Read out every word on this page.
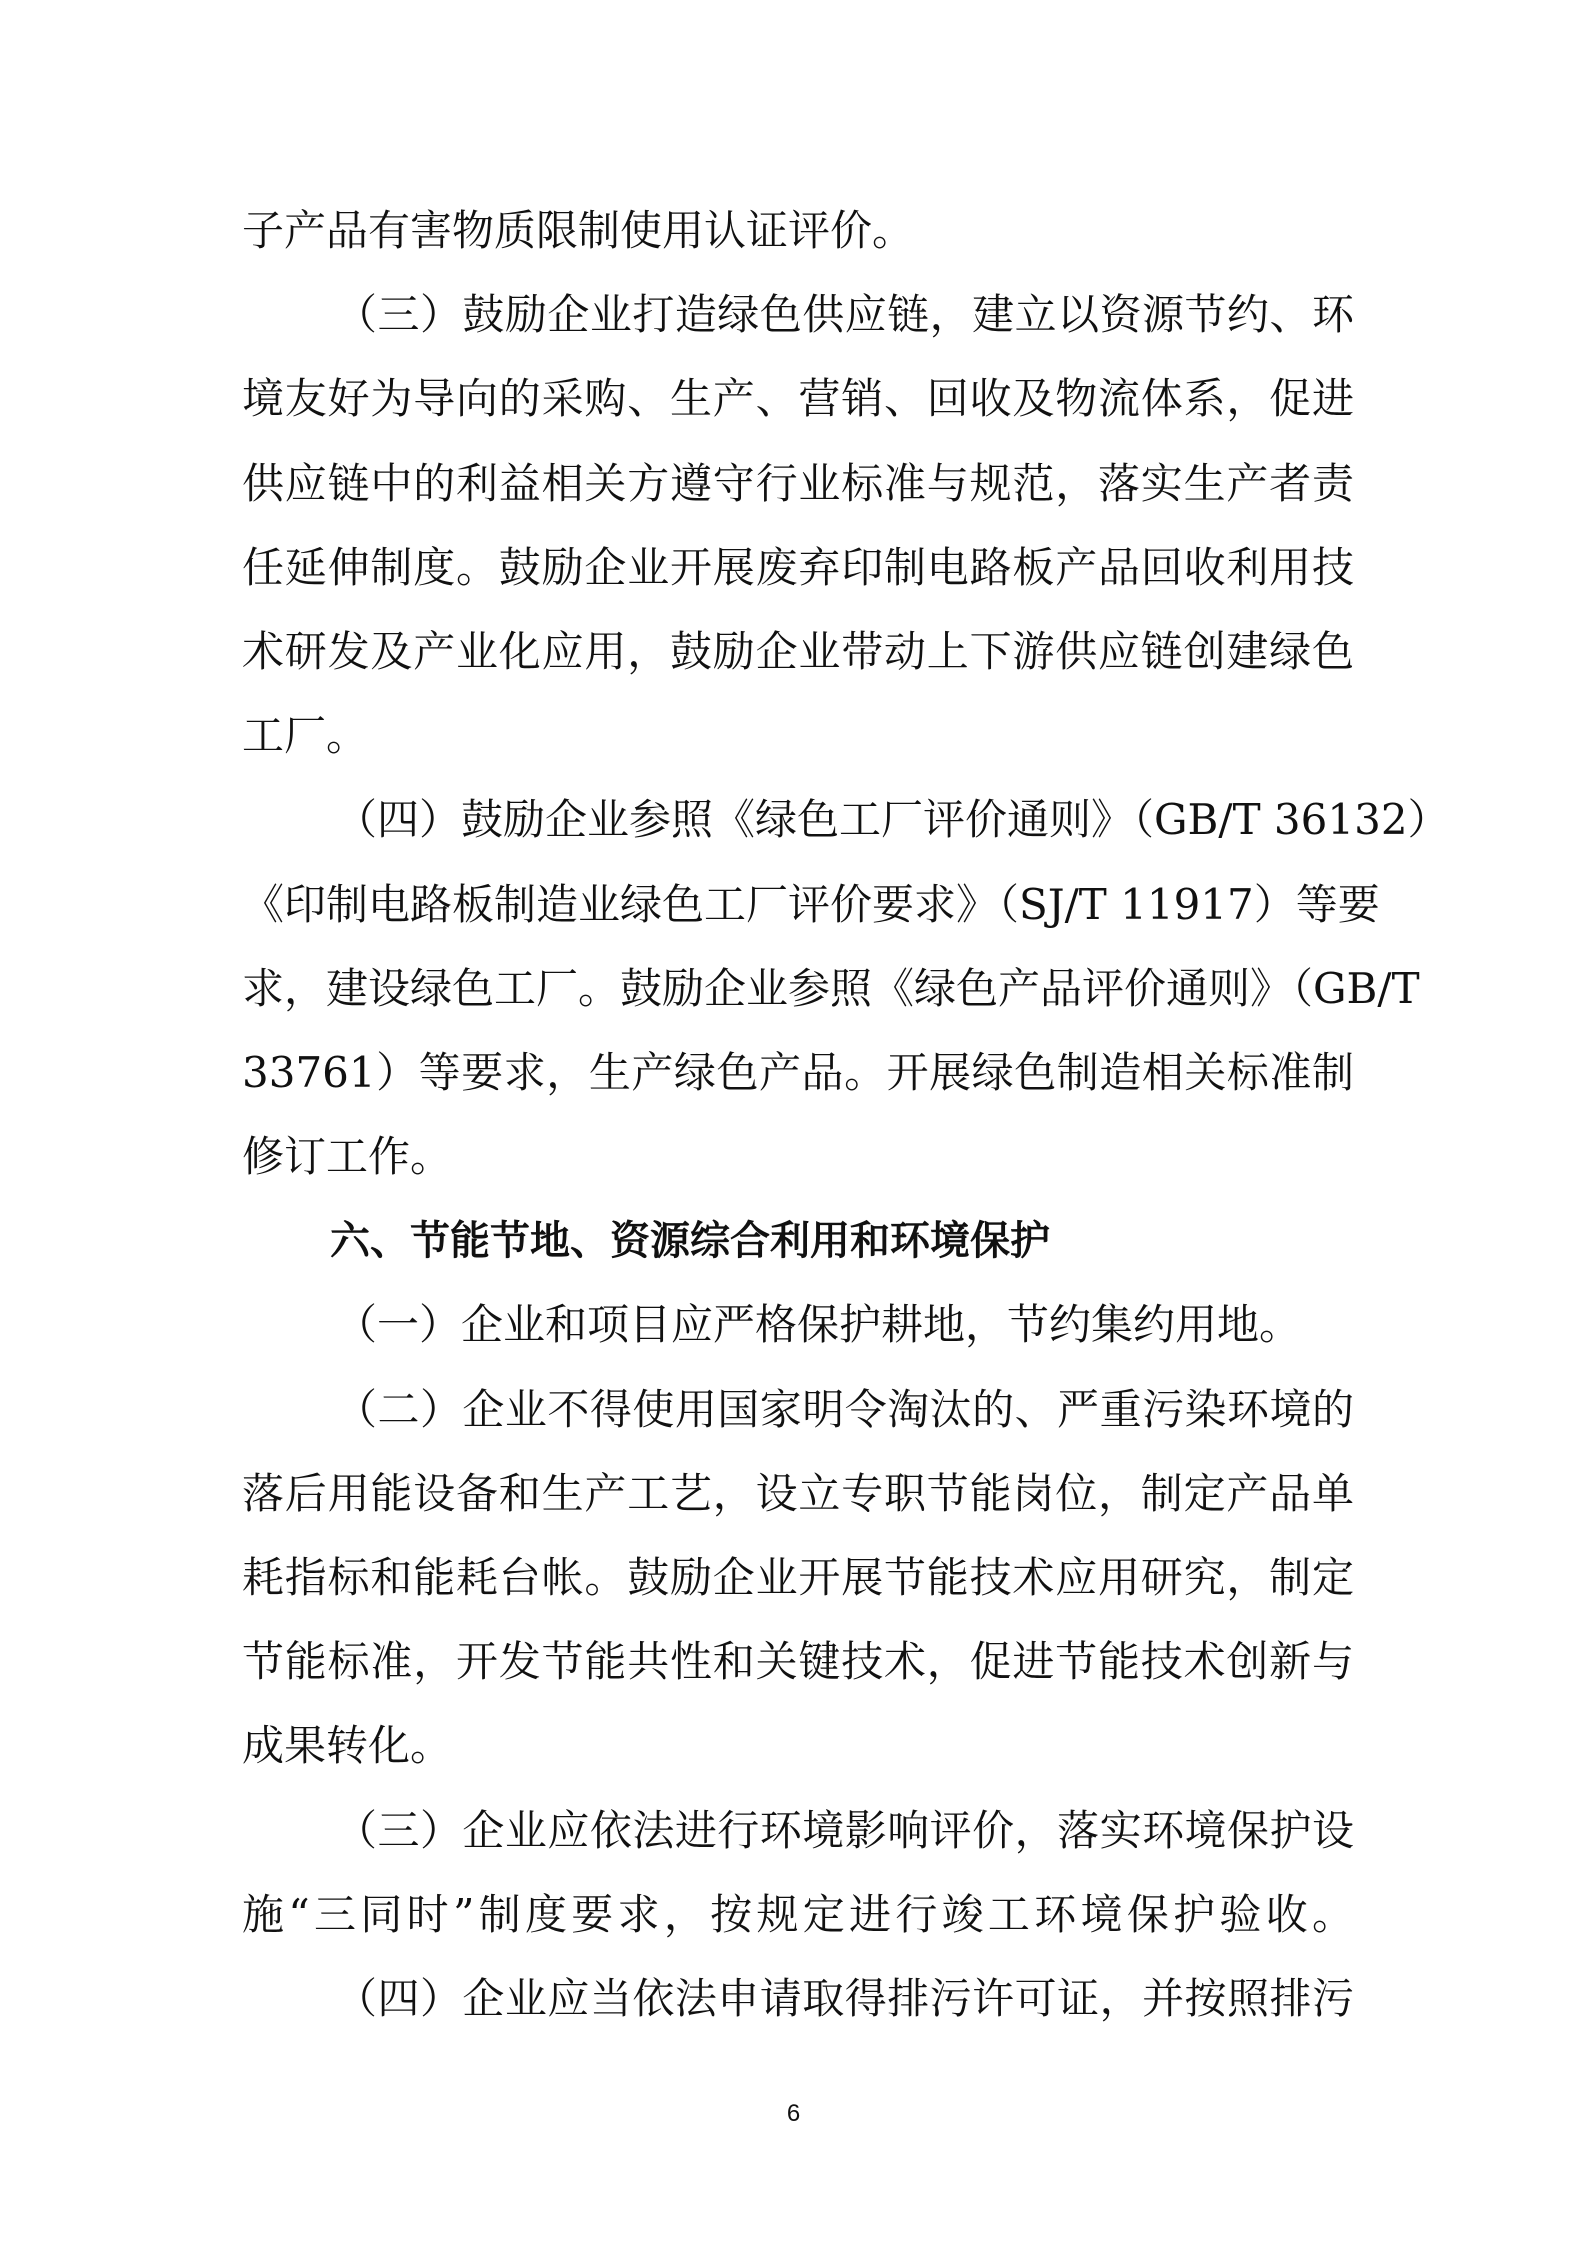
子产品有害物质限制使用认证评价。
（三）鼓励企业打造绿色供应链，建立以资源节约、环
境友好为导向的采购、生产、营销、回收及物流体系，促进
供应链中的利益相关方遵守行业标准与规范，落实生产者责
任延伸制度。鼓励企业开展废弃印制电路板产品回收利用技
术研发及产业化应用，鼓励企业带动上下游供应链创建绿色
工厂。
（四）鼓励企业参照《绿色工厂评价通则》（GB/T 36132）
《印制电路板制造业绿色工厂评价要求》（SJ/T 11917）等要
求，建设绿色工厂。鼓励企业参照《绿色产品评价通则》（GB/T
33761）等要求，生产绿色产品。开展绿色制造相关标准制
修订工作。
六、节能节地、资源综合利用和环境保护
（一）企业和项目应严格保护耕地，节约集约用地。
（二）企业不得使用国家明令淘汰的、严重污染环境的
落后用能设备和生产工艺，设立专职节能岗位，制定产品单
耗指标和能耗台帐。鼓励企业开展节能技术应用研究，制定
节能标准，开发节能共性和关键技术，促进节能技术创新与
成果转化。
（三）企业应依法进行环境影响评价，落实环境保护设
施“三同时”制度要求，按规定进行竣工环境保护验收。
（四）企业应当依法申请取得排污许可证，并按照排污
6
